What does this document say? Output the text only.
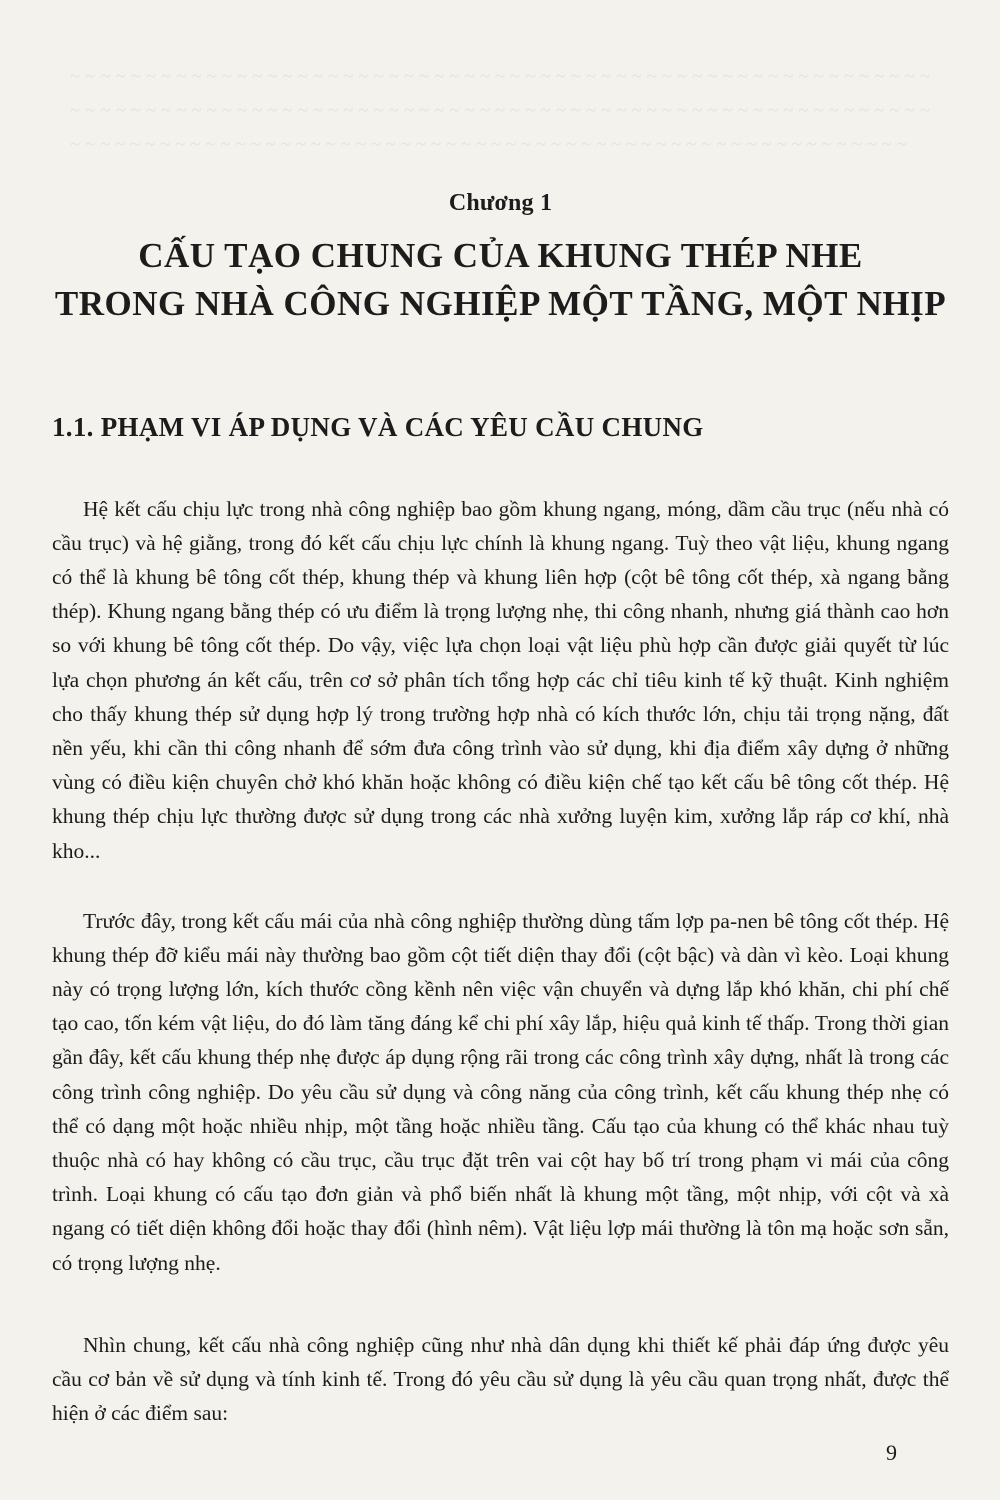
~ ~ ~ ~ ~ ~ ~ ~ ~ ~ ~ ~ ~ ~ ~ ~ ~ ~ ~ ~ ~ ~ ~ ~ ~ ~ ~ ~ ~ ~ ~ ~ ~ ~ ~ ~ ~ ~ ~ ~ ~ ~ ~ ~ ~ ~ ~ ~ ~ ~ ~ ~ ~ ~ ~ ~ ~ ~ ~ ~ ~ ~ ~ ~ ~ ~ ~ ~ ~ ~ ~ ~ ~ ~ ~ ~ ~ ~ ~ ~ ~ ~ ~ ~ ~ ~ ~ ~ ~ ~ ~ ~ ~ ~ ~ ~ ~ ~ ~ ~ ~ ~ ~ ~ ~ ~ ~ ~ ~ ~ ~ ~ ~ ~ ~ ~ ~ ~ ~ ~ ~ ~ ~ ~ ~ ~ ~ ~ ~ ~ ~ ~ ~ ~ ~ ~ ~ ~ ~ ~ ~ ~ ~ ~ ~ ~ ~ ~ ~ ~ ~ ~ ~ ~ ~ ~ ~ ~ ~ ~ ~ ~ ~ ~ ~ ~ ~ ~ ~ ~
Chương 1
CẤU TẠO CHUNG CỦA KHUNG THÉP NHE
TRONG NHÀ CÔNG NGHIỆP MỘT TẦNG, MỘT NHỊP
1.1. PHẠM VI ÁP DỤNG VÀ CÁC YÊU CẦU CHUNG

Hệ kết cấu chịu lực trong nhà công nghiệp bao gồm khung ngang, móng, dầm cầu trục (nếu nhà có cầu trục) và hệ giằng, trong đó kết cấu chịu lực chính là khung ngang. Tuỳ theo vật liệu, khung ngang có thể là khung bê tông cốt thép, khung thép và khung liên hợp (cột bê tông cốt thép, xà ngang bằng thép). Khung ngang bằng thép có ưu điểm là trọng lượng nhẹ, thi công nhanh, nhưng giá thành cao hơn so với khung bê tông cốt thép. Do vậy, việc lựa chọn loại vật liệu phù hợp cần được giải quyết từ lúc lựa chọn phương án kết cấu, trên cơ sở phân tích tổng hợp các chỉ tiêu kinh tế kỹ thuật. Kinh nghiệm cho thấy khung thép sử dụng hợp lý trong trường hợp nhà có kích thước lớn, chịu tải trọng nặng, đất nền yếu, khi cần thi công nhanh để sớm đưa công trình vào sử dụng, khi địa điểm xây dựng ở những vùng có điều kiện chuyên chở khó khăn hoặc không có điều kiện chế tạo kết cấu bê tông cốt thép. Hệ khung thép chịu lực thường được sử dụng trong các nhà xưởng luyện kim, xưởng lắp ráp cơ khí, nhà kho...

Trước đây, trong kết cấu mái của nhà công nghiệp thường dùng tấm lợp pa-nen bê tông cốt thép. Hệ khung thép đỡ kiểu mái này thường bao gồm cột tiết diện thay đổi (cột bậc) và dàn vì kèo. Loại khung này có trọng lượng lớn, kích thước cồng kềnh nên việc vận chuyển và dựng lắp khó khăn, chi phí chế tạo cao, tốn kém vật liệu, do đó làm tăng đáng kể chi phí xây lắp, hiệu quả kinh tế thấp. Trong thời gian gần đây, kết cấu khung thép nhẹ được áp dụng rộng rãi trong các công trình xây dựng, nhất là trong các công trình công nghiệp. Do yêu cầu sử dụng và công năng của công trình, kết cấu khung thép nhẹ có thể có dạng một hoặc nhiều nhịp, một tầng hoặc nhiều tầng. Cấu tạo của khung có thể khác nhau tuỳ thuộc nhà có hay không có cầu trục, cầu trục đặt trên vai cột hay bố trí trong phạm vi mái của công trình. Loại khung có cấu tạo đơn giản và phổ biến nhất là khung một tầng, một nhịp, với cột và xà ngang có tiết diện không đổi hoặc thay đổi (hình nêm). Vật liệu lợp mái thường là tôn mạ hoặc sơn sẵn, có trọng lượng nhẹ.

Nhìn chung, kết cấu nhà công nghiệp cũng như nhà dân dụng khi thiết kế phải đáp ứng được yêu cầu cơ bản về sử dụng và tính kinh tế. Trong đó yêu cầu sử dụng là yêu cầu quan trọng nhất, được thể hiện ở các điểm sau:

9
